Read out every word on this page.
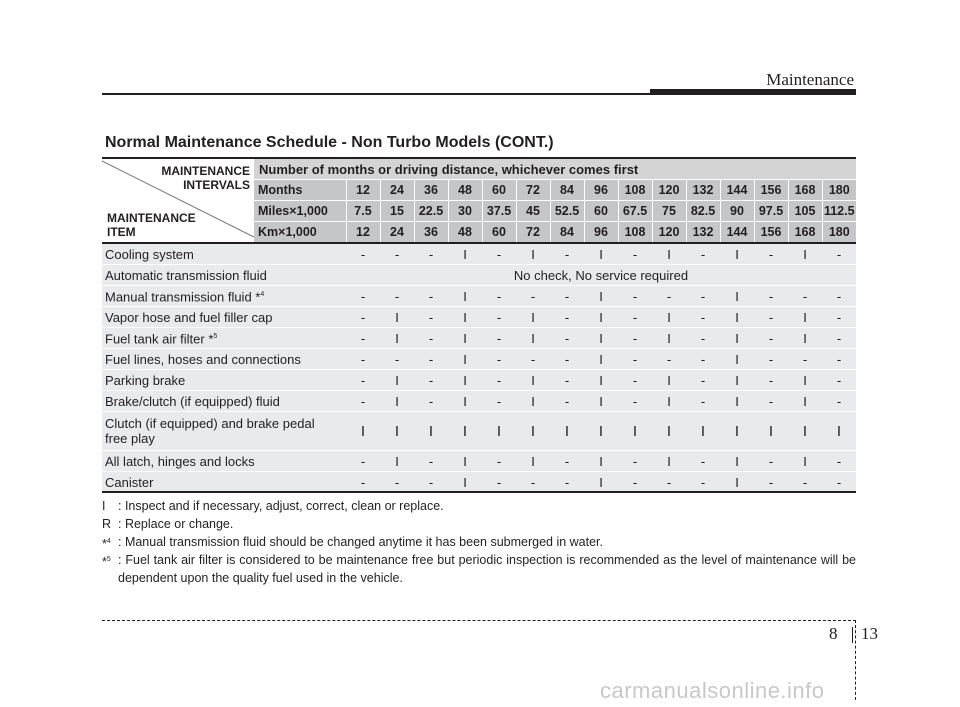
Maintenance
Normal Maintenance Schedule - Non Turbo Models (CONT.)
MAINTENANCE
INTERVALS
MAINTENANCE
ITEM	Number of months or driving distance, whichever comes first															
	Months	12	24	36	48	60	72	84	96	108	120	132	144	156	168	180
	Miles×1,000	7.5	15	22.5	30	37.5	45	52.5	60	67.5	75	82.5	90	97.5	105	112.5
	Km×1,000	12	24	36	48	60	72	84	96	108	120	132	144	156	168	180
Cooling system		-	-	-	I	-	I	-	I	-	I	-	I	-	I	-
Automatic transmission fluid		No check, No service required														
Manual transmission fluid *$^4$		-	-	-	I	-	-	-	I	-	-	-	I	-	-	-
Vapor hose and fuel filler cap		-	I	-	I	-	I	-	I	-	I	-	I	-	I	-
Fuel tank air filter *$^5$		-	I	-	I	-	I	-	I	-	I	-	I	-	I	-
Fuel lines, hoses and connections		-	-	-	I	-	-	-	I	-	-	-	I	-	-	-
Parking brake		-	I	-	I	-	I	-	I	-	I	-	I	-	I	-
Brake/clutch (if equipped) fluid		-	I	-	I	-	I	-	I	-	I	-	I	-	I	-
Clutch (if equipped) and brake pedal
free play		I	I	I	I	I	I	I	I	I	I	I	I	I	I	I
All latch, hinges and locks		-	I	-	I	-	I	-	I	-	I	-	I	-	I	-
Canister		-	-	-	I	-	-	-	I	-	-	-	I	-	-	-
I : Inspect and if necessary, adjust, correct, clean or replace.
R : Replace or change.
*$^4$ : Manual transmission fluid should be changed anytime it has been submerged in water.
*$^5$ : Fuel tank air filter is considered to be maintenance free but periodic inspection is recommended as the level of maintenance will be dependent upon the quality fuel used in the vehicle.
8 13
carmanualsonline.info
